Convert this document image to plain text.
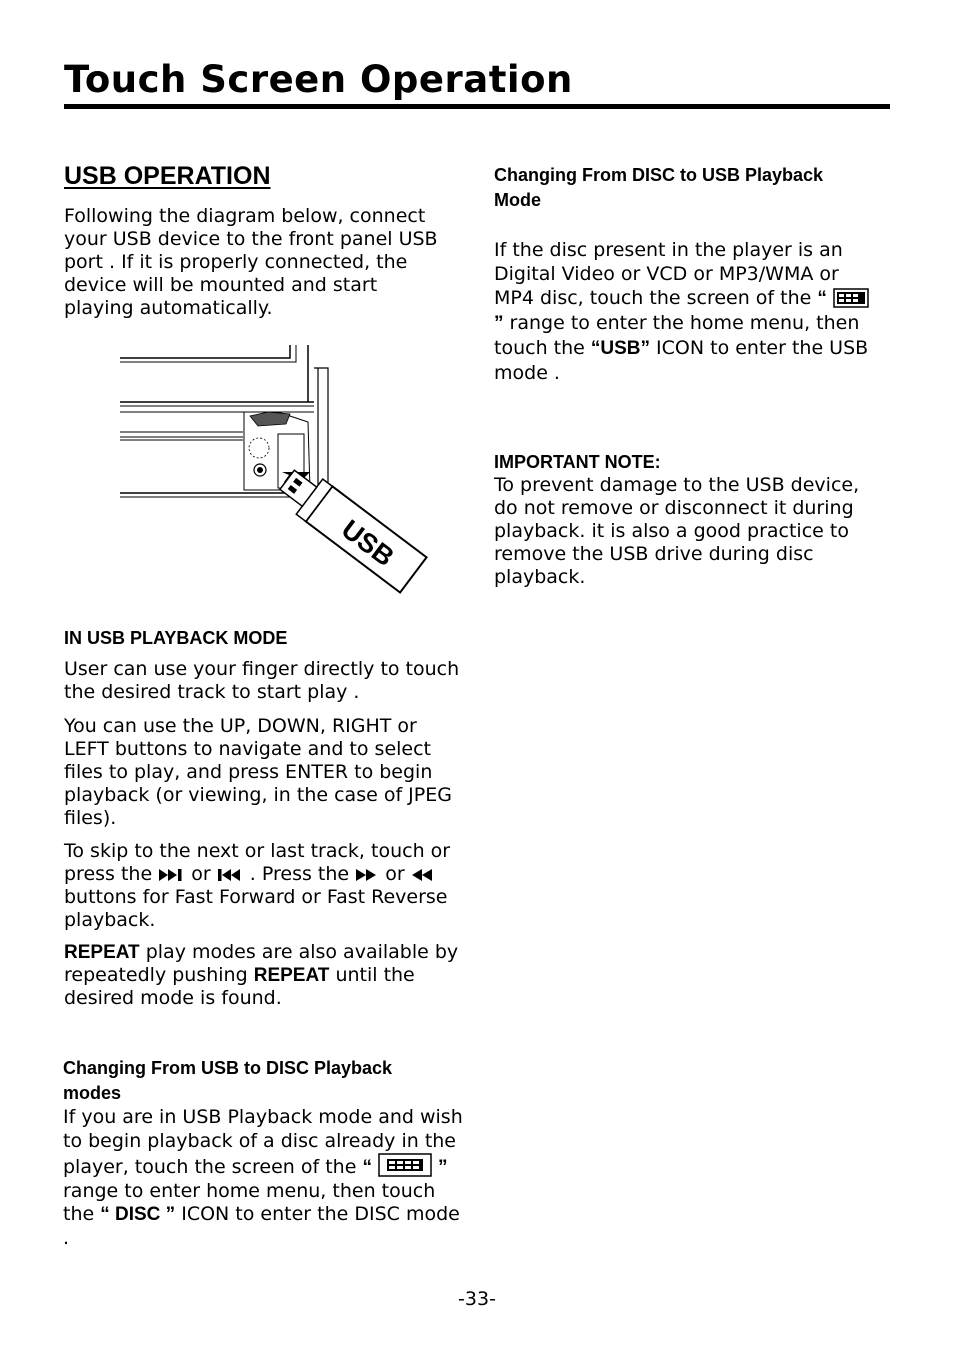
Touch Screen Operation
USB OPERATION

Following the diagram below, connect your USB device to the front panel USB port . If it is properly connected, the device will be mounted and start playing automatically.

USB
IN USB PLAYBACK MODE

User can use your finger directly to touch the desired track to start play .

You can use the UP, DOWN, RIGHT or LEFT buttons to navigate and to select files to play, and press ENTER to begin playback (or viewing, in the case of JPEG files).

To skip to the next or last track, touch or press the or . Press the or  buttons for Fast Forward or Fast Reverse playback.

REPEAT play modes are also available by repeatedly pushing REPEAT until the desired mode is found.

Changing From USB to DISC Playback modes

If you are in USB Playback mode and wish to begin playback of a disc already in the player, touch the screen of the “	” range to enter home menu, then touch the “ DISC ” ICON to enter the DISC mode .

Changing From DISC to USB Playback Mode

If the disc present in the player is an Digital Video or VCD or MP3/WMA or MP4 disc, touch the screen of the “  ” range to enter the home menu, then touch the “USB” ICON to enter the USB mode .

IMPORTANT NOTE:

To prevent damage to the USB device, do not remove or disconnect it during playback. it is also a good practice to remove the USB drive during disc playback.

-33-
